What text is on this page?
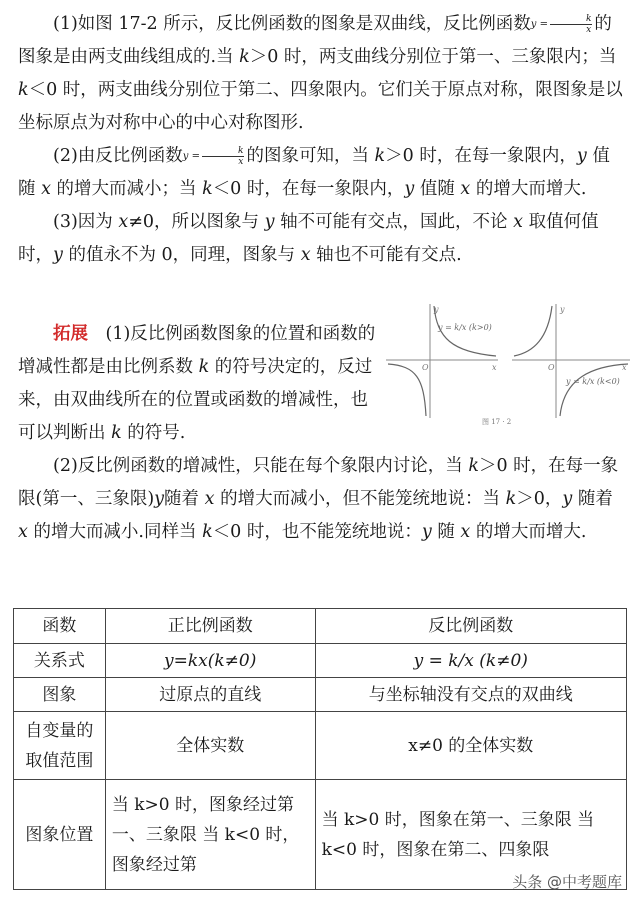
(1)如图 17-2 所示，反比例函数的图象是双曲线，反比例函数$y = \frac{k}{x}$ 的图象是由两支曲线组成的.当 k＞0 时，两支曲线分别位于第一、三象限内；当 k＜0 时，两支曲线分别位于第二、四象限内。它们关于原点对称，限图象是以坐标原点为对称中心的中心对称图形.

(2)由反比例函数$y = \frac{k}{x}$ 的图象可知，当 k＞0 时，在每一象限内，y 值随 x 的增大而减小；当 k＜0 时，在每一象限内，y 值随 x 的增大而增大.

(3)因为 x≠0，所以图象与 y 轴不可能有交点，国此，不论 x 取值何值时，y 的值永不为 0，同理，图象与 x 轴也不可能有交点.

拓展　 (1)反比例函数图象的位置和函数的增减性都是由比例系数 k 的符号决定的，反过来，由双曲线所在的位置或函数的增减性，也可以判断出 k 的符号.

y
x
O
y = k/x (k>0)
y
x
O
y = k/x (k<0)
图 17 · 2

(2)反比例函数的增减性，只能在每个象限内讨论，当 k＞0 时，在每一象限(第一、三象限)y随着 x 的增大而减小，但不能笼统地说：当 k＞0，y 随着 x 的增大而减小.同样当 k＜0 时，也不能笼统地说：y 随 x 的增大而增大.

函数	正比例函数	反比例函数
关系式	y=kx(k≠0)	y = k/x (k≠0)
图象	过原点的直线	与坐标轴没有交点的双曲线
自变量的取值范围	全体实数	x≠0 的全体实数
图象位置	当 k>0 时，图象经过第一、三象限 当 k<0 时，图象经过第	当 k>0 时，图象在第一、三象限 当 k<0 时，图象在第二、四象限
头条 @中考题库
